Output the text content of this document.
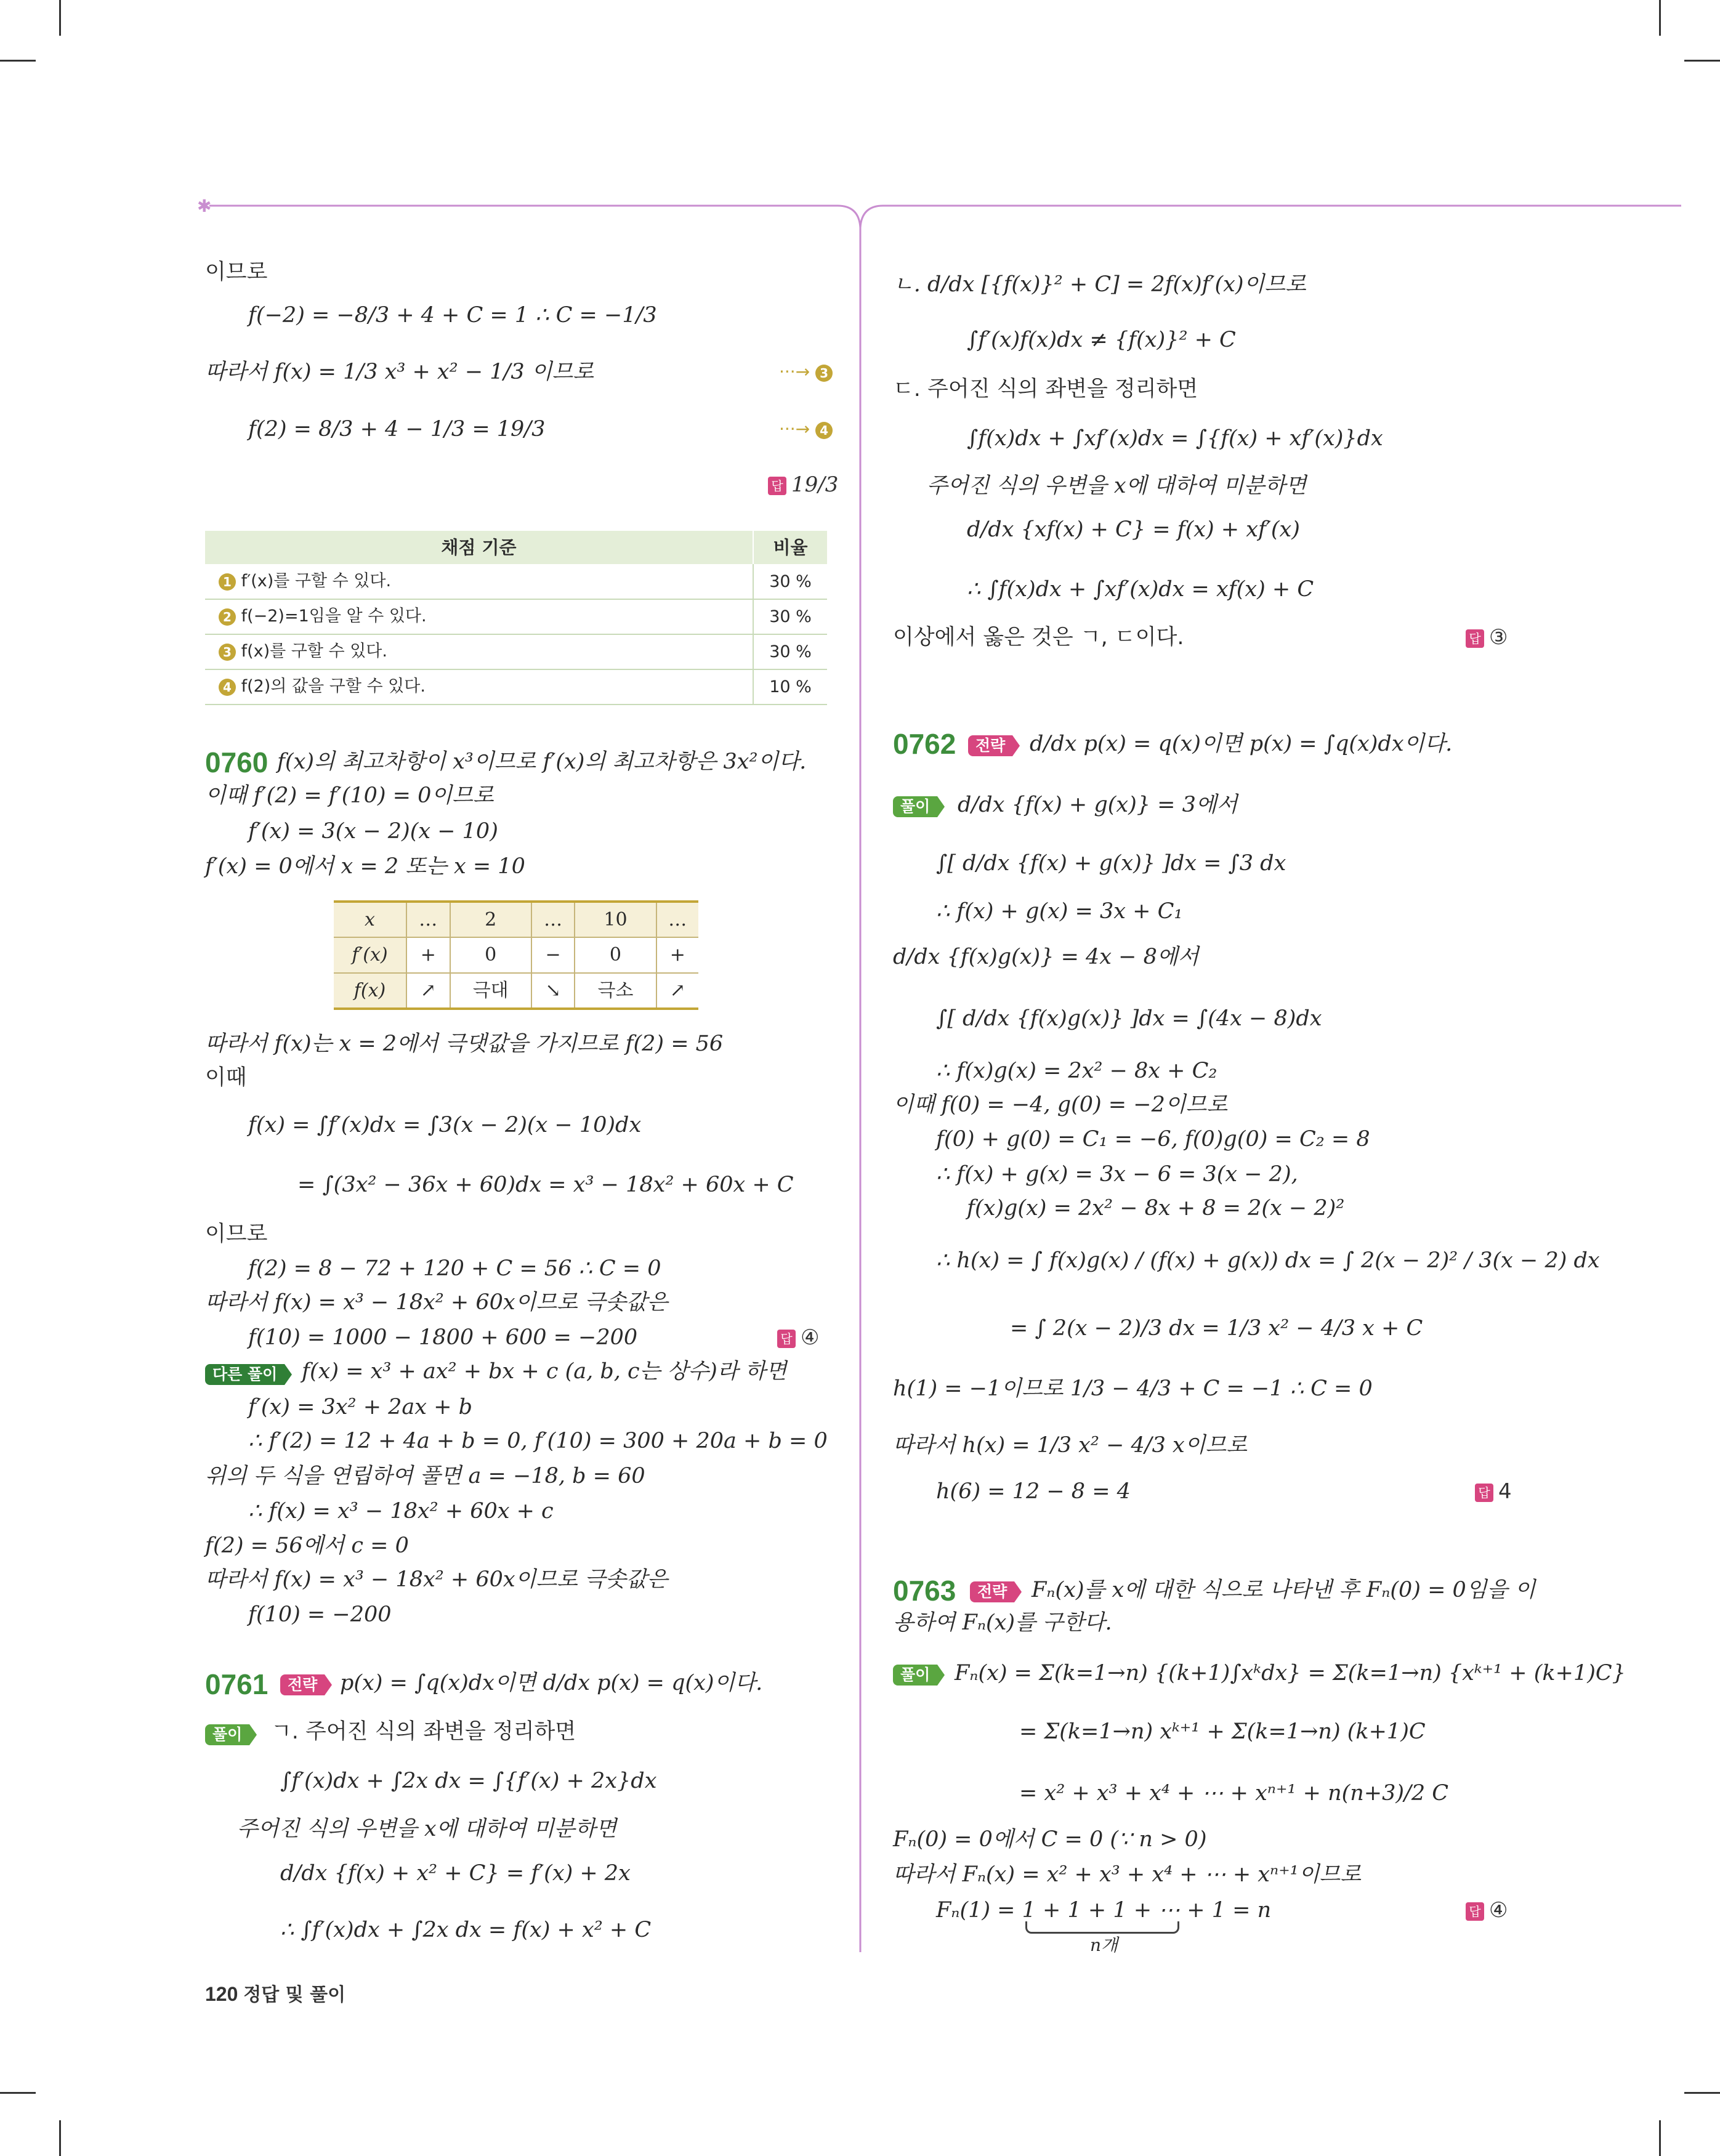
✱
이므로
f(−2) = −8/3 + 4 + C = 1 ∴ C = −1/3
따라서 f(x) = 1/3 x³ + x² − 1/3 이므로	···→ 3
f(2) = 8/3 + 4 − 1/3 = 19/3	···→ 4
답 19/3
채점 기준	비율
1 f′(x)를 구할 수 있다.	30 %
2 f(−2)=1임을 알 수 있다.	30 %
3 f(x)를 구할 수 있다.	30 %
4 f(2)의 값을 구할 수 있다.	10 %
0760 f(x)의 최고차항이 x³이므로 f′(x)의 최고차항은 3x²이다.
이때 f′(2) = f′(10) = 0이므로
f′(x) = 3(x − 2)(x − 10)
f′(x) = 0에서 x = 2 또는 x = 10
x	…	2	…	10	…
f′(x)	+	0	−	0	+
f(x)	↗	극대	↘	극소	↗
따라서 f(x)는 x = 2에서 극댓값을 가지므로 f(2) = 56
이때
f(x) = ∫f′(x)dx = ∫3(x − 2)(x − 10)dx
= ∫(3x² − 36x + 60)dx = x³ − 18x² + 60x + C
이므로
f(2) = 8 − 72 + 120 + C = 56 ∴ C = 0
따라서 f(x) = x³ − 18x² + 60x이므로 극솟값은
f(10) = 1000 − 1800 + 600 = −200	답 ④
다른 풀이	f(x) = x³ + ax² + bx + c (a, b, c는 상수)라 하면
f′(x) = 3x² + 2ax + b
∴ f′(2) = 12 + 4a + b = 0, f′(10) = 300 + 20a + b = 0
위의 두 식을 연립하여 풀면 a = −18, b = 60
∴ f(x) = x³ − 18x² + 60x + c
f(2) = 56에서 c = 0
따라서 f(x) = x³ − 18x² + 60x이므로 극솟값은
f(10) = −200
0761	전략	p(x) = ∫q(x)dx이면 d/dx p(x) = q(x)이다.
풀이	ㄱ. 주어진 식의 좌변을 정리하면
∫f′(x)dx + ∫2x dx = ∫{f′(x) + 2x}dx
주어진 식의 우변을 x에 대하여 미분하면
d/dx {f(x) + x² + C} = f′(x) + 2x
∴ ∫f′(x)dx + ∫2x dx = f(x) + x² + C
120 정답 및 풀이
ㄴ. d/dx [{f(x)}² + C] = 2f(x)f′(x)이므로
∫f′(x)f(x)dx ≠ {f(x)}² + C
ㄷ. 주어진 식의 좌변을 정리하면
∫f(x)dx + ∫xf′(x)dx = ∫{f(x) + xf′(x)}dx
주어진 식의 우변을 x에 대하여 미분하면
d/dx {xf(x) + C} = f(x) + xf′(x)
∴ ∫f(x)dx + ∫xf′(x)dx = xf(x) + C
이상에서 옳은 것은 ㄱ, ㄷ이다.	답 ③
0762	전략	d/dx p(x) = q(x)이면 p(x) = ∫q(x)dx이다.
풀이	d/dx {f(x) + g(x)} = 3에서
∫[ d/dx {f(x) + g(x)} ]dx = ∫3 dx
∴ f(x) + g(x) = 3x + C₁
d/dx {f(x)g(x)} = 4x − 8에서
∫[ d/dx {f(x)g(x)} ]dx = ∫(4x − 8)dx
∴ f(x)g(x) = 2x² − 8x + C₂
이때 f(0) = −4, g(0) = −2이므로
f(0) + g(0) = C₁ = −6, f(0)g(0) = C₂ = 8
∴ f(x) + g(x) = 3x − 6 = 3(x − 2),
f(x)g(x) = 2x² − 8x + 8 = 2(x − 2)²
∴ h(x) = ∫ f(x)g(x) / (f(x) + g(x)) dx = ∫ 2(x − 2)² / 3(x − 2) dx
= ∫ 2(x − 2)/3 dx = 1/3 x² − 4/3 x + C
h(1) = −1이므로 1/3 − 4/3 + C = −1 ∴ C = 0
따라서 h(x) = 1/3 x² − 4/3 x이므로
h(6) = 12 − 8 = 4	답 4
0763	전략	Fₙ(x)를 x에 대한 식으로 나타낸 후 Fₙ(0) = 0임을 이
용하여 Fₙ(x)를 구한다.
풀이	Fₙ(x) = Σ(k=1→n) {(k+1)∫xᵏdx} = Σ(k=1→n) {xᵏ⁺¹ + (k+1)C}
= Σ(k=1→n) xᵏ⁺¹ + Σ(k=1→n) (k+1)C
= x² + x³ + x⁴ + ⋯ + xⁿ⁺¹ + n(n+3)/2 C
Fₙ(0) = 0에서 C = 0 (∵ n > 0)
따라서 Fₙ(x) = x² + x³ + x⁴ + ⋯ + xⁿ⁺¹이므로
Fₙ(1) = 1 + 1 + 1 + ⋯ + 1 = n
n개
답 ④
